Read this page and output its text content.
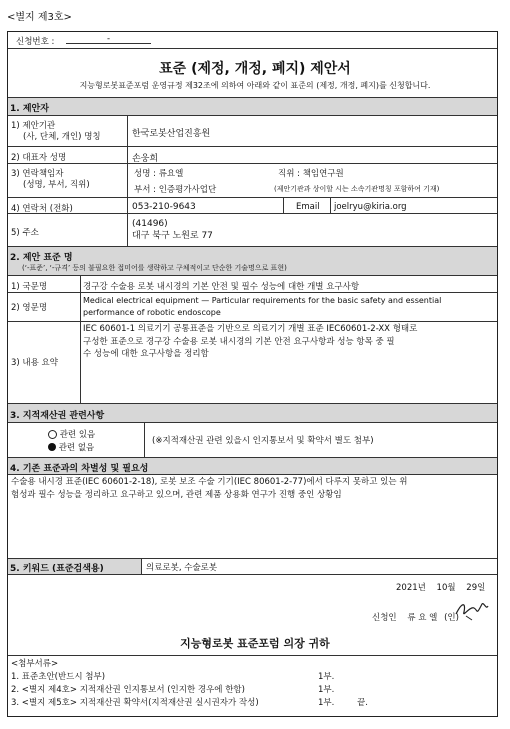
<별지 제3호>
신청번호 :	-
표준 (제정, 개정, 폐지) 제안서
지능형로봇표준포럼 운영규정 제32조에 의하여 아래와 같이 표준의 (제정, 개정, 폐지)를 신청합니다.
1. 제안자
1) 제안기관
(사, 단체, 개인) 명칭	한국로봇산업진흥원
2) 대표자 성명	손웅희
3) 연락책임자
(성명, 부서, 직위)
성명 : 류요엘	직위 : 책임연구원
부서 : 인증평가사업단	(제안기관과 상이할 시는 소속기관명칭 포함하여 기재)
4) 연락처 (전화)	053-210-9643	Email joelryu@kiria.org
5) 주소
(41496)
대구 북구 노원로 77
2. 제안 표준 명
(‘-표준’, ‘-규격’ 등의 불필요한 접미어를 생략하고 구체적이고 단순한 기술명으로 표현)
1) 국문명	경구강 수술용 로봇 내시경의 기본 안전 및 필수 성능에 대한 개별 요구사항
2) 영문명
Medical electrical equipment — Particular requirements for the basic safety and essential
performance of robotic endoscope
3) 내용 요약
IEC 60601-1 의료기기 공통표준을 기반으로 의료기기 개별 표준 IEC60601-2-XX 형태로
구성한 표준으로 경구강 수술용 로봇 내시경의 기본 안전 요구사항과 성능 항목 중 필
수 성능에 대한 요구사항을 정리함
3. 지적재산권 관련사항
관련 있음
관련 없음
(※지적재산권 관련 있을시 인지통보서 및 확약서 별도 첨부)
4. 기존 표준과의 차별성 및 필요성
수술용 내시경 표준(IEC 60601-2-18), 로봇 보조 수술 기기(IEC 80601-2-77)에서 다루지 못하고 있는 위
험성과 필수 성능을 정리하고 요구하고 있으며, 관련 제품 상용화 연구가 진행 중인 상황임
5. 키워드 (표준검색용)	의료로봇, 수술로봇
2021년 10월 29일
신청인 류 요 엘 (인)
지능형로봇 표준포럼 의장 귀하
<첨부서류>
1. 표준초안(반드시 첨부)	1부.
2. <별지 제4호> 지적재산권 인지통보서 (인지한 경우에 한함)	1부.
3. <별지 제5호> 지적재산권 확약서(지적재산권 실시권자가 작성)	1부.	끝.
